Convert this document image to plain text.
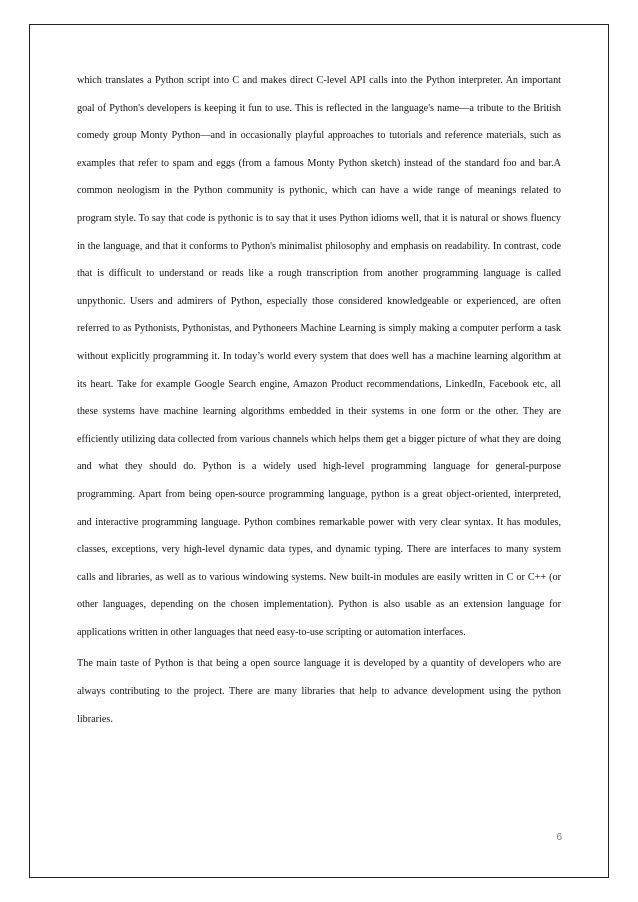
which translates a Python script into C and makes direct C-level API calls into the Python interpreter. An important goal of Python's developers is keeping it fun to use. This is reflected in the language's name—a tribute to the British comedy group Monty Python—and in occasionally playful approaches to tutorials and reference materials, such as examples that refer to spam and eggs (from a famous Monty Python sketch) instead of the standard foo and bar.A common neologism in the Python community is pythonic, which can have a wide range of meanings related to program style. To say that code is pythonic is to say that it uses Python idioms well, that it is natural or shows fluency in the language, and that it conforms to Python's minimalist philosophy and emphasis on readability. In contrast, code that is difficult to understand or reads like a rough transcription from another programming language is called unpythonic. Users and admirers of Python, especially those considered knowledgeable or experienced, are often referred to as Pythonists, Pythonistas, and Pythoneers Machine Learning is simply making a computer perform a task without explicitly programming it. In today’s world every system that does well has a machine learning algorithm at its heart. Take for example Google Search engine, Amazon Product recommendations, LinkedIn, Facebook etc, all these systems have machine learning algorithms embedded in their systems in one form or the other. They are efficiently utilizing data collected from various channels which helps them get a bigger picture of what they are doing and what they should do. Python is a widely used high-level programming language for general-purpose programming. Apart from being open-source programming language, python is a great object-oriented, interpreted, and interactive programming language. Python combines remarkable power with very clear syntax. It has modules, classes, exceptions, very high-level dynamic data types, and dynamic typing. There are interfaces to many system calls and libraries, as well as to various windowing systems. New built-in modules are easily written in C or C++ (or other languages, depending on the chosen implementation). Python is also usable as an extension language for applications written in other languages that need easy-to-use scripting or automation interfaces.

The main taste of Python is that being a open source language it is developed by a quantity of developers who are always contributing to the project. There are many libraries that help to advance development using the python libraries.

6
